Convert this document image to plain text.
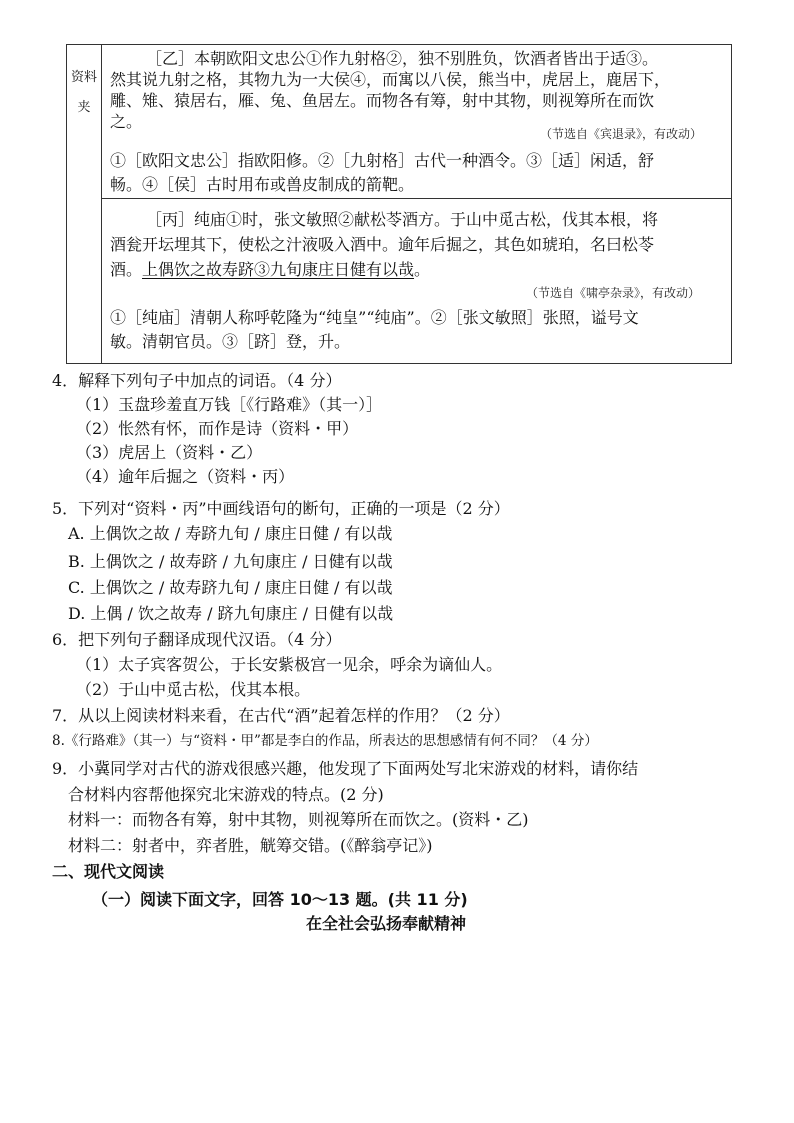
资料
夹
［乙］本朝欧阳文忠公①作九射格②，独不别胜负，饮酒者皆出于适③。
然其说九射之格，其物九为一大侯④，而寓以八侯，熊当中，虎居上，鹿居下，
雕、雉、猿居右，雁、兔、鱼居左。而物各有筹，射中其物，则视筹所在而饮
之。
（节选自《宾退录》，有改动）
①［欧阳文忠公］指欧阳修。②［九射格］古代一种酒令。③［适］闲适，舒
畅。④［侯］古时用布或兽皮制成的箭靶。
［丙］纯庙①时，张文敏照②献松苓酒方。于山中觅古松，伐其本根，将
酒瓮开坛埋其下，使松之汁液吸入酒中。逾年后掘之，其色如琥珀，名曰松苓
酒。上偶饮之故寿跻③九旬康庄日健有以哉。
（节选自《啸亭杂录》，有改动）
①［纯庙］清朝人称呼乾隆为“纯皇”“纯庙”。②［张文敏照］张照，谥号文
敏。清朝官员。③［跻］登，升。
4．解释下列句子中加点的词语。（4 分）
（1）玉盘珍羞直万钱［《行路难》（其一）］
（2）怅然有怀，而作是诗（资料・甲）
（3）虎居上（资料・乙）
（4）逾年后掘之（资料・丙）
5．下列对“资料・丙”中画线语句的断句，正确的一项是（2 分）
A. 上偶饮之故 / 寿跻九旬 / 康庄日健 / 有以哉
B. 上偶饮之 / 故寿跻 / 九旬康庄 / 日健有以哉
C. 上偶饮之 / 故寿跻九旬 / 康庄日健 / 有以哉
D. 上偶 / 饮之故寿 / 跻九旬康庄 / 日健有以哉
6．把下列句子翻译成现代汉语。（4 分）
（1）太子宾客贺公，于长安紫极宫一见余，呼余为谪仙人。
（2）于山中觅古松，伐其本根。
7．从以上阅读材料来看，在古代“酒”起着怎样的作用？（2 分）
8.《行路难》（其一）与“资料・甲”都是李白的作品，所表达的思想感情有何不同？（4 分）
9．小冀同学对古代的游戏很感兴趣，他发现了下面两处写北宋游戏的材料，请你结
合材料内容帮他探究北宋游戏的特点。(2 分)
材料一：而物各有筹，射中其物，则视筹所在而饮之。(资料・乙)
材料二：射者中，弈者胜，觥筹交错。(《醉翁亭记》)
二、现代文阅读
（一）阅读下面文字，回答 10～13 题。(共 11 分)
在全社会弘扬奉献精神
